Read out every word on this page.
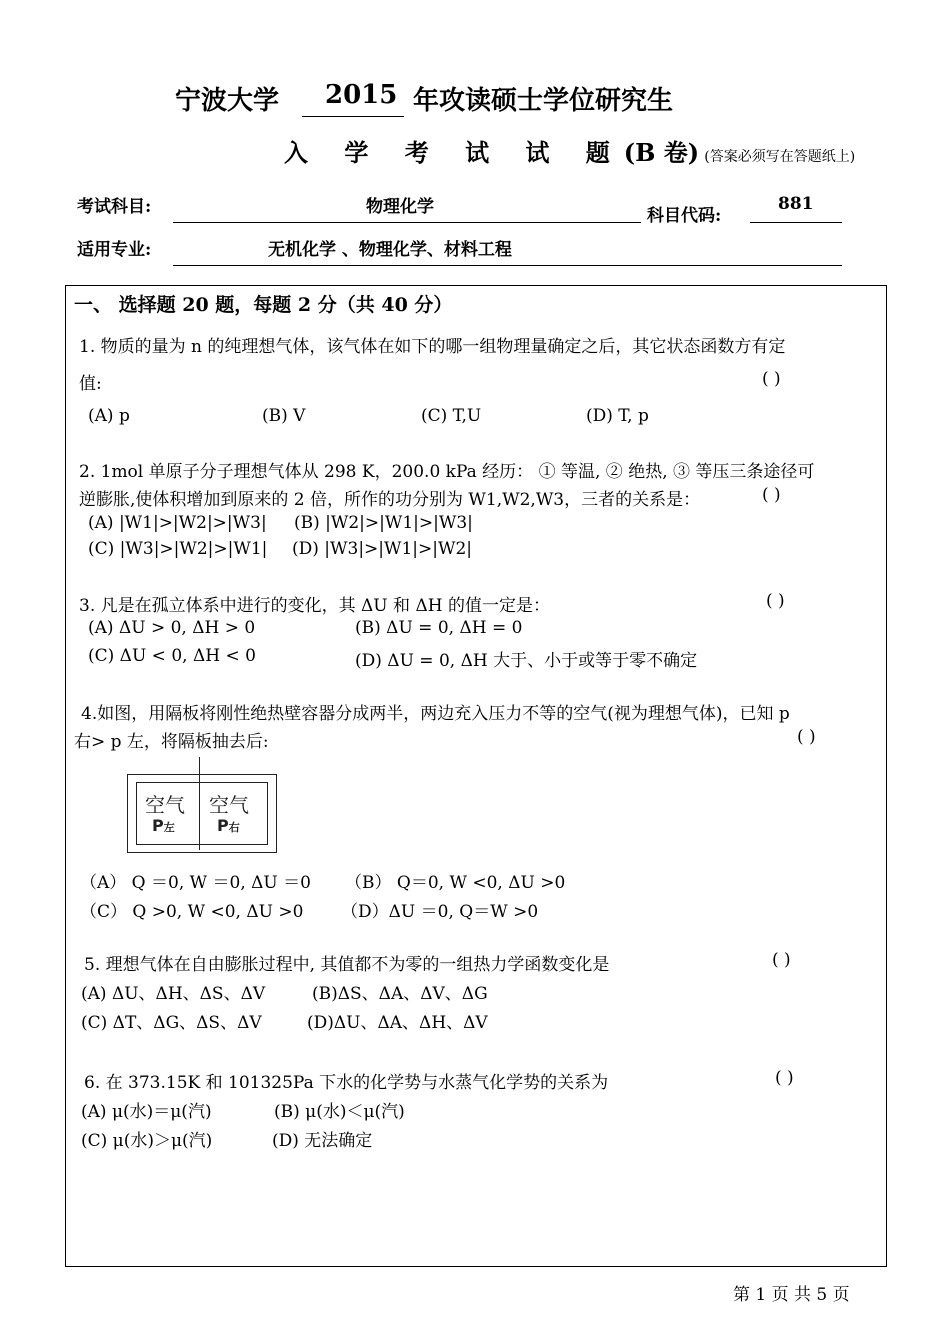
宁波大学 2015 年攻读硕士学位研究生
入 学 考 试 试 题(B 卷) (答案必须写在答题纸上)
考试科目:	物理化学	科目代码:
881
适用专业:	无机化学 、物理化学、材料工程
一、 选择题 20 题，每题 2 分（共 40 分）
1. 物质的量为 n 的纯理想气体，该气体在如下的哪一组物理量确定之后，其它状态函数方有定
值:	( )
(A) p	(B) V	(C) T,U	(D) T, p
2. 1mol 单原子分子理想气体从 298 K，200.0 kPa 经历： ① 等温, ② 绝热, ③ 等压三条途径可
逆膨胀,使体积增加到原来的 2 倍，所作的功分别为 W1,W2,W3，三者的关系是：	( )
(A) |W1|>|W2|>|W3| (B) |W2|>|W1|>|W3|
(C) |W3|>|W2|>|W1| (D) |W3|>|W1|>|W2|
3. 凡是在孤立体系中进行的变化，其 ΔU 和 ΔH 的值一定是：	( )
(A) ΔU > 0, ΔH > 0	(B) ΔU = 0, ΔH = 0
(C) ΔU < 0, ΔH < 0	(D) ΔU = 0, ΔH 大于、小于或等于零不确定
4.如图，用隔板将刚性绝热壁容器分成两半，两边充入压力不等的空气(视为理想气体)，已知 p
右> p 左，将隔板抽去后:	( )
空气 空气
P左	P右
（A） Q ＝0, W ＝0, ΔU ＝0 （B） Q＝0, W <0, ΔU >0
（C） Q >0, W <0, ΔU >0 （D）ΔU ＝0, Q＝W >0
5. 理想气体在自由膨胀过程中, 其值都不为零的一组热力学函数变化是	( )
(A) ΔU、ΔH、ΔS、ΔV	(B)ΔS、ΔA、ΔV、ΔG
(C) ΔT、ΔG、ΔS、ΔV	(D)ΔU、ΔA、ΔH、ΔV
6. 在 373.15K 和 101325Pa 下水的化学势与水蒸气化学势的关系为	( )
(A) μ(水)＝μ(汽)	(B) μ(水)＜μ(汽)
(C) μ(水)＞μ(汽)	(D) 无法确定
第 1 页 共 5 页
